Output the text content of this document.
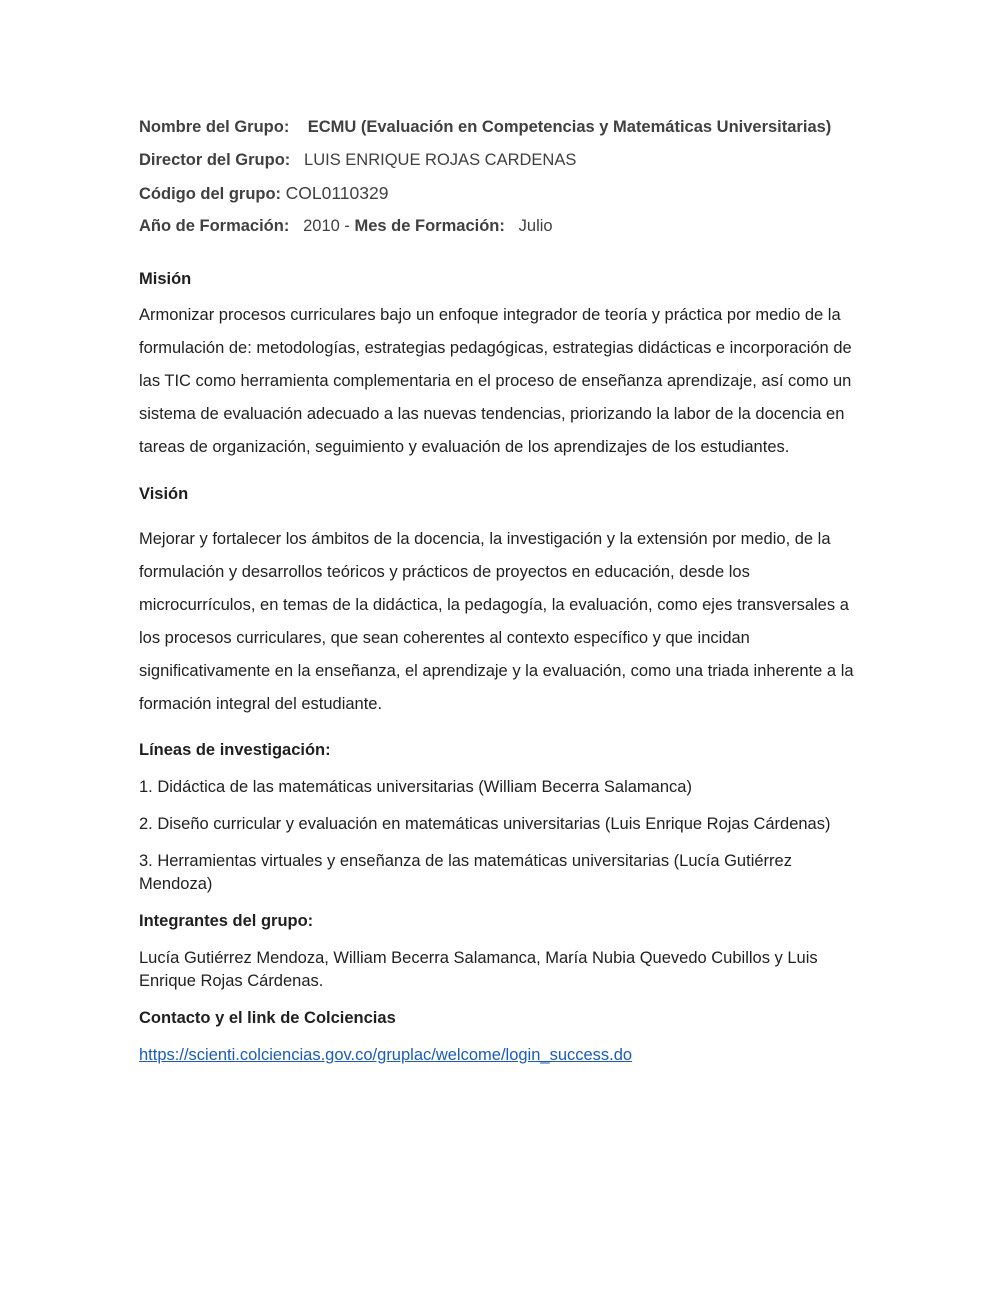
Nombre del Grupo: ECMU (Evaluación en Competencias y Matemáticas Universitarias)
Director del Grupo: LUIS ENRIQUE ROJAS CARDENAS
Código del grupo: COL0110329
Año de Formación: 2010 - Mes de Formación: Julio
Misión
Armonizar procesos curriculares bajo un enfoque integrador de teoría y práctica por medio de la
formulación de: metodologías, estrategias pedagógicas, estrategias didácticas e incorporación de
las TIC como herramienta complementaria en el proceso de enseñanza aprendizaje, así como un
sistema de evaluación adecuado a las nuevas tendencias, priorizando la labor de la docencia en
tareas de organización, seguimiento y evaluación de los aprendizajes de los estudiantes.
Visión
Mejorar y fortalecer los ámbitos de la docencia, la investigación y la extensión por medio, de la
formulación y desarrollos teóricos y prácticos de proyectos en educación, desde los
microcurrículos, en temas de la didáctica, la pedagogía, la evaluación, como ejes transversales a
los procesos curriculares, que sean coherentes al contexto específico y que incidan
significativamente en la enseñanza, el aprendizaje y la evaluación, como una triada inherente a la
formación integral del estudiante.
Líneas de investigación:
1. Didáctica de las matemáticas universitarias (William Becerra Salamanca)
2. Diseño curricular y evaluación en matemáticas universitarias (Luis Enrique Rojas Cárdenas)
3. Herramientas virtuales y enseñanza de las matemáticas universitarias (Lucía Gutiérrez
Mendoza)
Integrantes del grupo:
Lucía Gutiérrez Mendoza, William Becerra Salamanca, María Nubia Quevedo Cubillos y Luis
Enrique Rojas Cárdenas.
Contacto y el link de Colciencias
https://scienti.colciencias.gov.co/gruplac/welcome/login_success.do
